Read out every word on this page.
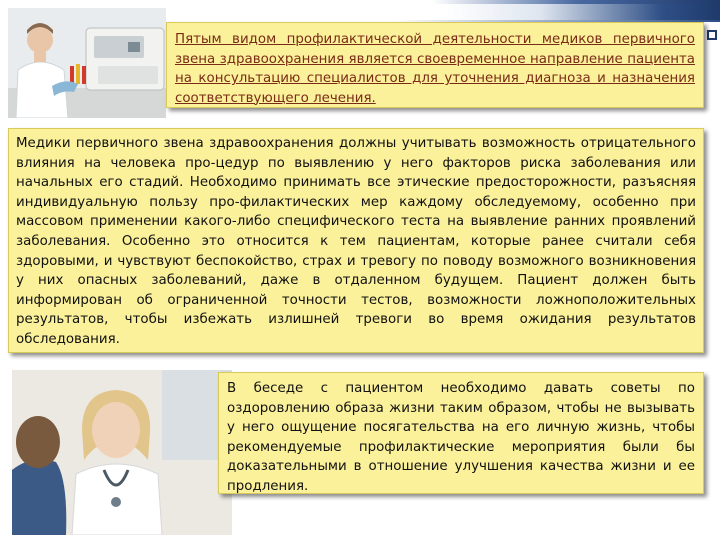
Пятым видом профилактической деятельности медиков первичного звена здравоохранения является своевременное направление пациента на консультацию специалистов для уточнения диагноза и назначения соответствующего лечения.
Медики первичного звена здравоохранения должны учитывать возможность отрицательного влияния на человека про-цедур по выявлению у него факторов риска заболевания или начальных его стадий. Необходимо принимать все этические предосторожности, разъясняя индивидуальную пользу про-филактических мер каждому обследуемому, особенно при массовом применении какого-либо специфического теста на выявление ранних проявлений заболевания. Особенно это относится к тем пациентам, которые ранее считали себя здоровыми, и чувствуют беспокойство, страх и тревогу по поводу возможного возникновения у них опасных заболеваний, даже в отдаленном будущем. Пациент должен быть информирован об ограниченной точности тестов, возможности ложноположительных результатов, чтобы избежать излишней тревоги во время ожидания результатов обследования.
В беседе с пациентом необходимо давать советы по оздоровлению образа жизни таким образом, чтобы не вызывать у него ощущение посягательства на его личную жизнь, чтобы рекомендуемые профилактические мероприятия были бы доказательными в отношение улучшения качества жизни и ее продления.
